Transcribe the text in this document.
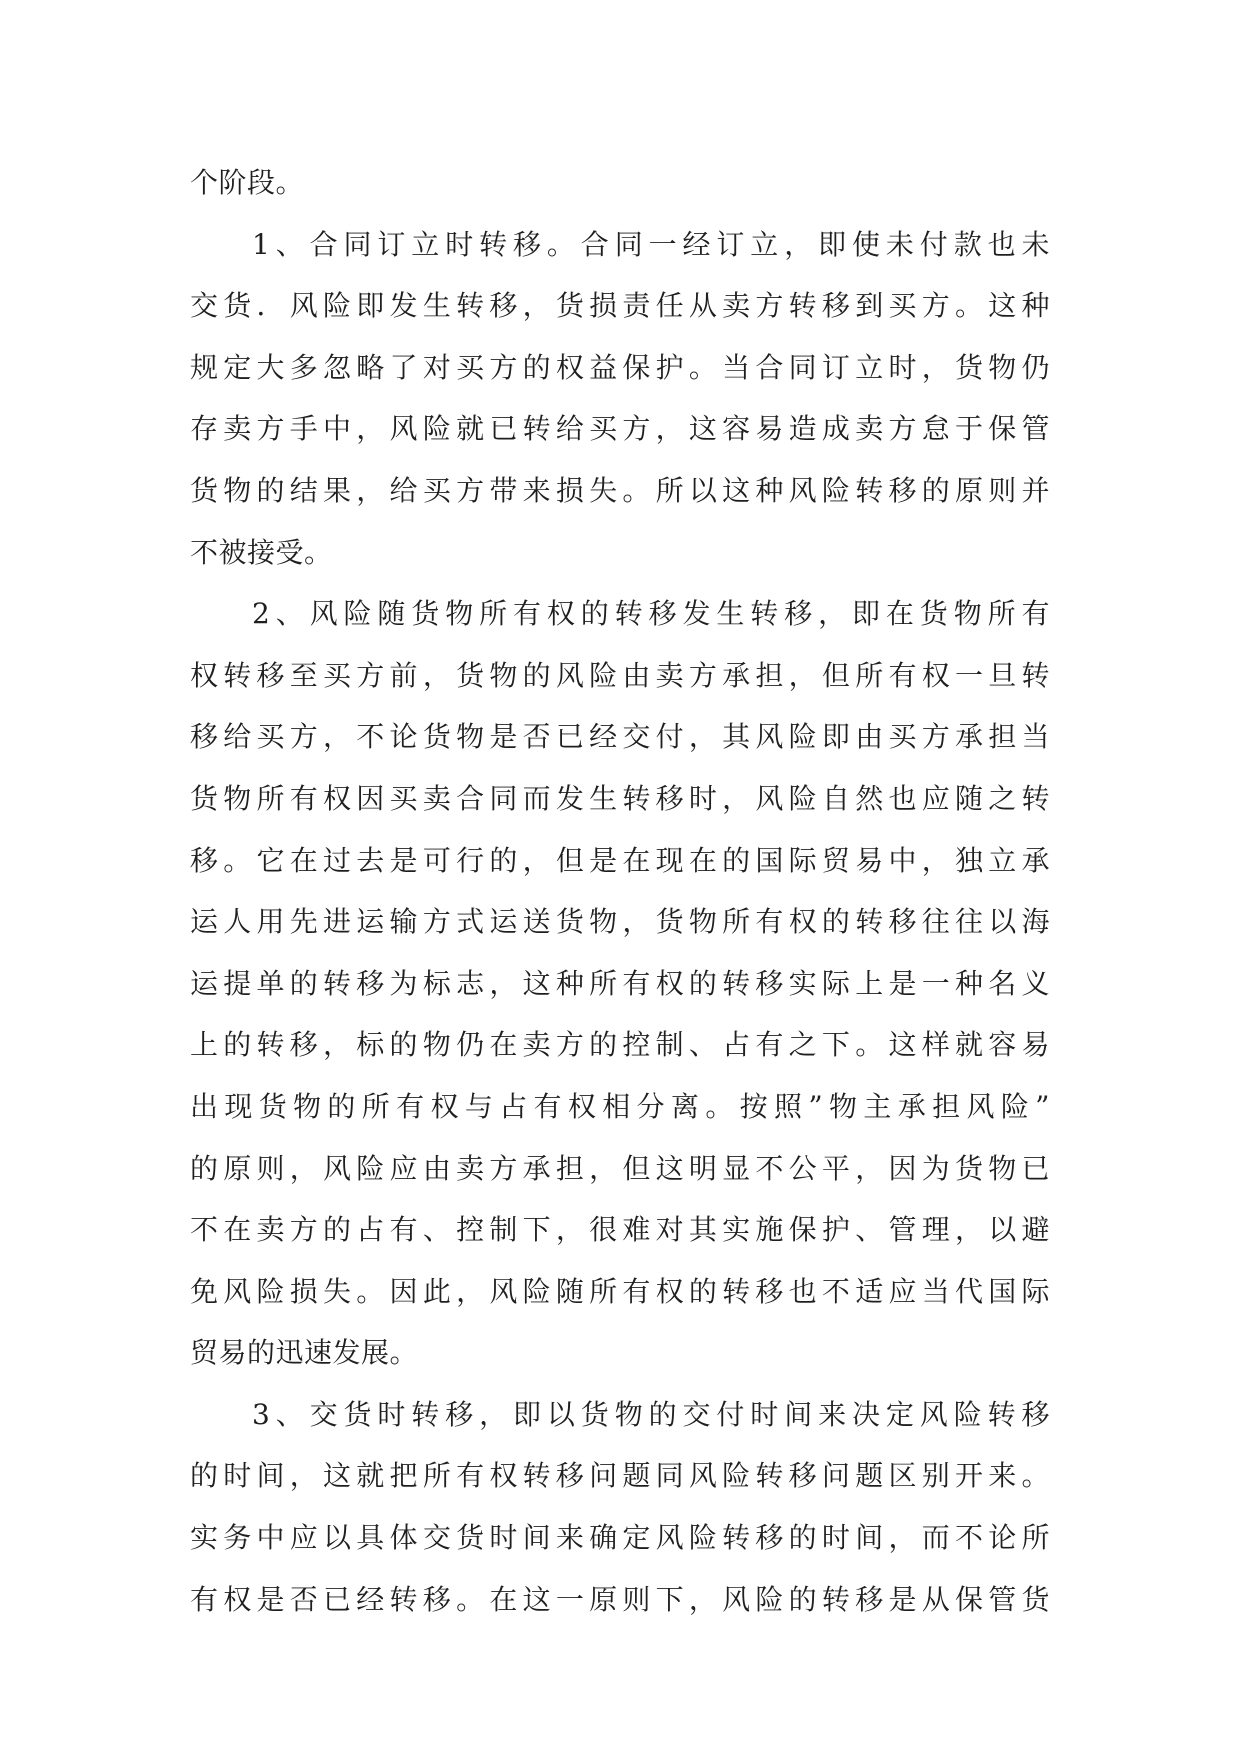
个阶段。
1、合同订立时转移。合同一经订立，即使未付款也未
交货．风险即发生转移，货损责任从卖方转移到买方。这种
规定大多忽略了对买方的权益保护。当合同订立时，货物仍
存卖方手中，风险就已转给买方，这容易造成卖方怠于保管
货物的结果，给买方带来损失。所以这种风险转移的原则并
不被接受。
2、风险随货物所有权的转移发生转移，即在货物所有
权转移至买方前，货物的风险由卖方承担，但所有权一旦转
移给买方，不论货物是否已经交付，其风险即由买方承担当
货物所有权因买卖合同而发生转移时，风险自然也应随之转
移。它在过去是可行的，但是在现在的国际贸易中，独立承
运人用先进运输方式运送货物，货物所有权的转移往往以海
运提单的转移为标志，这种所有权的转移实际上是一种名义
上的转移，标的物仍在卖方的控制、占有之下。这样就容易
出现货物的所有权与占有权相分离。按照”物主承担风险”
的原则，风险应由卖方承担，但这明显不公平，因为货物已
不在卖方的占有、控制下，很难对其实施保护、管理，以避
免风险损失。因此，风险随所有权的转移也不适应当代国际
贸易的迅速发展。
3、交货时转移，即以货物的交付时间来决定风险转移
的时间，这就把所有权转移问题同风险转移问题区别开来。
实务中应以具体交货时间来确定风险转移的时间，而不论所
有权是否已经转移。在这一原则下，风险的转移是从保管货
